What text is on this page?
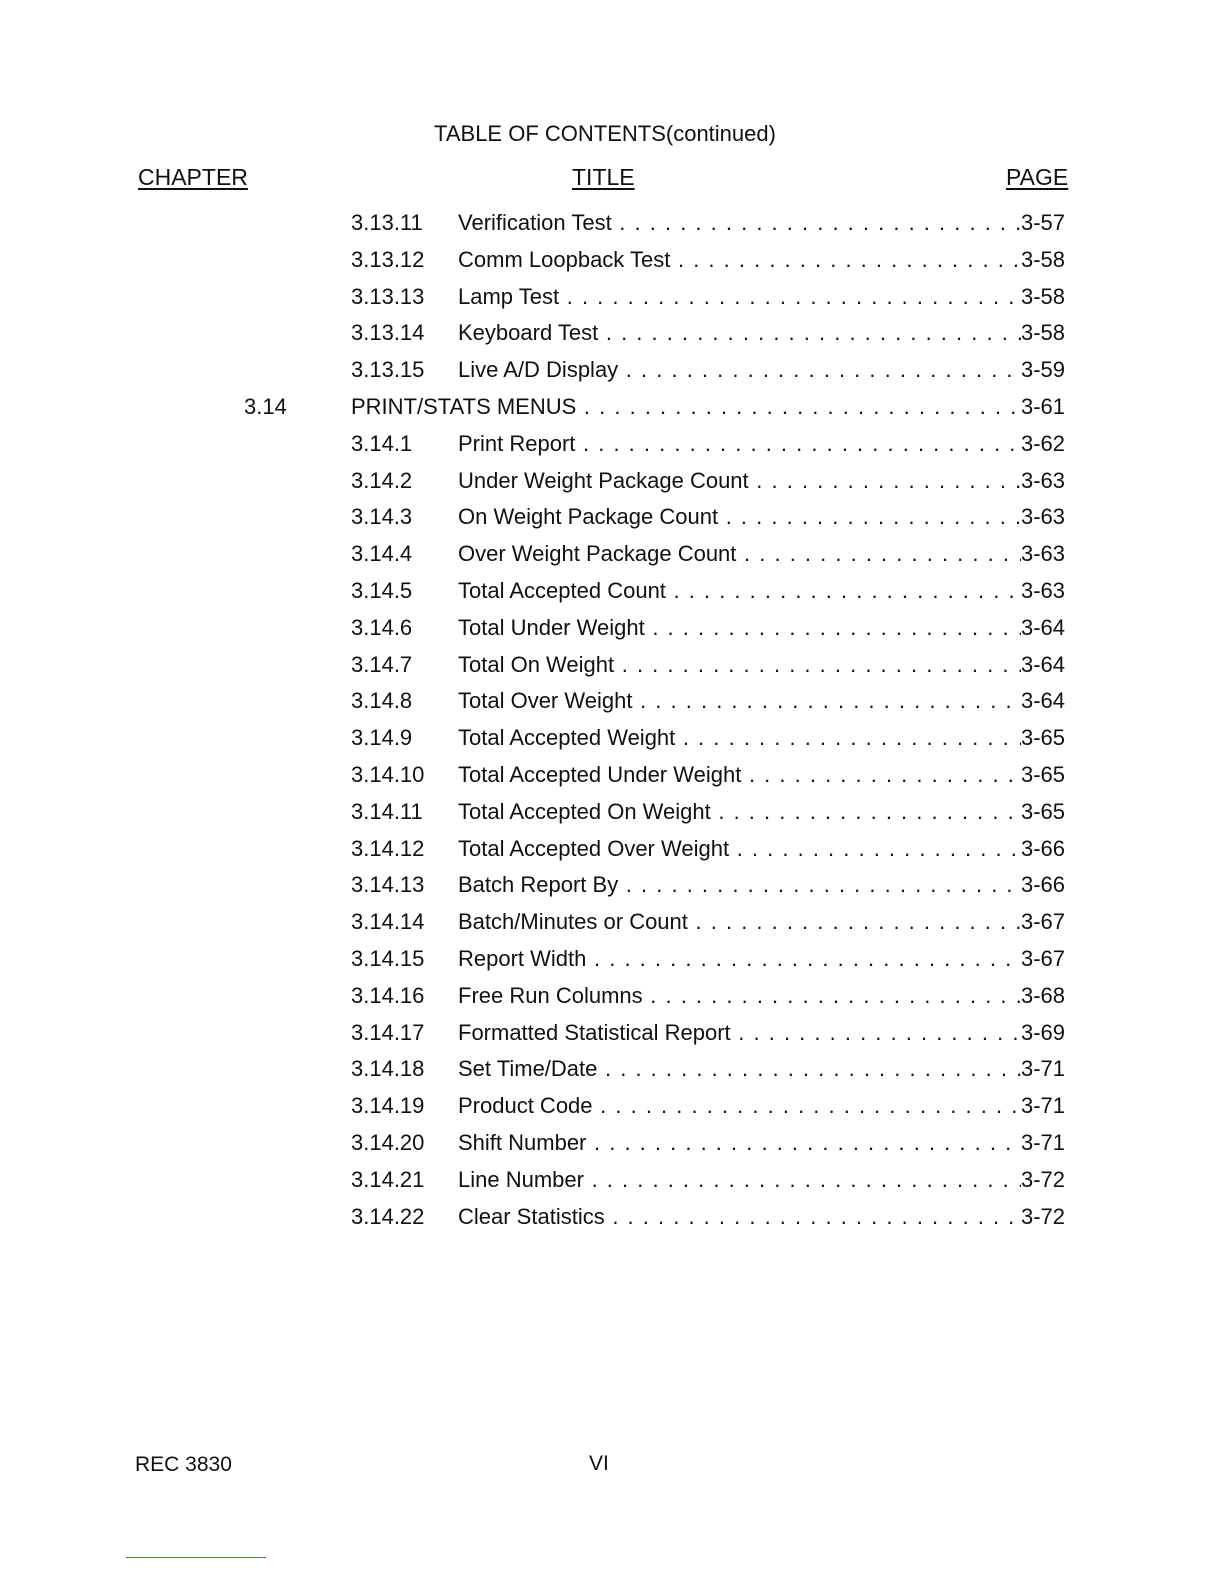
TABLE OF CONTENTS(continued)
CHAPTER	TITLE	PAGE
3.13.11 Verification Test . . .	3-57
3.13.12 Comm Loopback Test . . .	3-58
3.13.13 Lamp Test . . .	3-58
3.13.14 Keyboard Test . . .	3-58
3.13.15 Live A/D Display . . .	3-59
3.14	PRINT/STATS MENUS . . .	3-61
3.14.1 Print Report . . .	3-62
3.14.2 Under Weight Package Count . . .	3-63
3.14.3 On Weight Package Count . . .	3-63
3.14.4 Over Weight Package Count . . .	3-63
3.14.5 Total Accepted Count . . .	3-63
3.14.6 Total Under Weight . . .	3-64
3.14.7 Total On Weight . . .	3-64
3.14.8 Total Over Weight . . .	3-64
3.14.9 Total Accepted Weight . . .	3-65
3.14.10 Total Accepted Under Weight . . .	3-65
3.14.11 Total Accepted On Weight . . .	3-65
3.14.12 Total Accepted Over Weight . . .	3-66
3.14.13 Batch Report By . . .	3-66
3.14.14 Batch/Minutes or Count . . .	3-67
3.14.15 Report Width . . .	3-67
3.14.16 Free Run Columns . . .	3-68
3.14.17 Formatted Statistical Report . . .	3-69
3.14.18 Set Time/Date . . .	3-71
3.14.19 Product Code . . .	3-71
3.14.20 Shift Number . . .	3-71
3.14.21 Line Number . . .	3-72
3.14.22 Clear Statistics . . .	3-72
REC 3830	VI
